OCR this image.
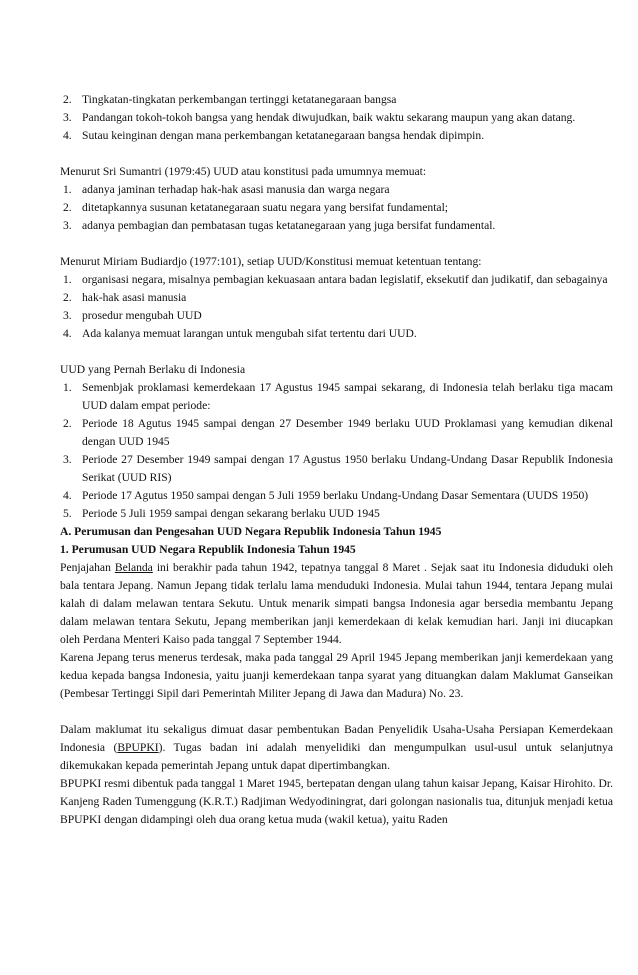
2. Tingkatan-tingkatan perkembangan tertinggi ketatanegaraan bangsa
3. Pandangan tokoh-tokoh bangsa yang hendak diwujudkan, baik waktu sekarang maupun yang akan datang.
4. Sutau keinginan dengan mana perkembangan ketatanegaraan bangsa hendak dipimpin.

Menurut Sri Sumantri (1979:45) UUD atau konstitusi pada umumnya memuat:

1. adanya jaminan terhadap hak-hak asasi manusia dan warga negara
2. ditetapkannya susunan ketatanegaraan suatu negara yang bersifat fundamental;
3. adanya pembagian dan pembatasan tugas ketatanegaraan yang juga bersifat fundamental.

Menurut Miriam Budiardjo (1977:101), setiap UUD/Konstitusi memuat ketentuan tentang:

1. organisasi negara, misalnya pembagian kekuasaan antara badan legislatif, eksekutif dan judikatif, dan sebagainya
2. hak-hak asasi manusia
3. prosedur mengubah UUD
4. Ada kalanya memuat larangan untuk mengubah sifat tertentu dari UUD.

UUD yang Pernah Berlaku di Indonesia

1. Semenbjak proklamasi kemerdekaan 17 Agustus 1945 sampai sekarang, di Indonesia telah berlaku tiga macam UUD dalam empat periode:
2. Periode 18 Agutus 1945 sampai dengan 27 Desember 1949 berlaku UUD Proklamasi yang kemudian dikenal dengan UUD 1945
3. Periode 27 Desember 1949 sampai dengan 17 Agustus 1950 berlaku Undang-Undang Dasar Republik Indonesia Serikat (UUD RIS)
4. Periode 17 Agutus 1950 sampai dengan 5 Juli 1959 berlaku Undang-Undang Dasar Sementara (UUDS 1950)
5. Periode 5 Juli 1959 sampai dengan sekarang berlaku UUD 1945

A. Perumusan dan Pengesahan UUD Negara Republik Indonesia Tahun 1945

1. Perumusan UUD Negara Republik Indonesia Tahun 1945

Penjajahan Belanda ini berakhir pada tahun 1942, tepatnya tanggal 8 Maret . Sejak saat itu Indonesia diduduki oleh bala tentara Jepang. Namun Jepang tidak terlalu lama menduduki Indonesia. Mulai tahun 1944, tentara Jepang mulai kalah di dalam melawan tentara Sekutu. Untuk menarik simpati bangsa Indonesia agar bersedia membantu Jepang dalam melawan tentara Sekutu, Jepang memberikan janji kemerdekaan di kelak kemudian hari. Janji ini diucapkan oleh Perdana Menteri Kaiso pada tanggal 7 September 1944.

Karena Jepang terus menerus terdesak, maka pada tanggal 29 April 1945 Jepang memberikan janji kemerdekaan yang kedua kepada bangsa Indonesia, yaitu juanji kemerdekaan tanpa syarat yang dituangkan dalam Maklumat Ganseikan (Pembesar Tertinggi Sipil dari Pemerintah Militer Jepang di Jawa dan Madura) No. 23.

Dalam maklumat itu sekaligus dimuat dasar pembentukan Badan Penyelidik Usaha-Usaha Persiapan Kemerdekaan Indonesia (BPUPKI). Tugas badan ini adalah menyelidiki dan mengumpulkan usul-usul untuk selanjutnya dikemukakan kepada pemerintah Jepang untuk dapat dipertimbangkan.

BPUPKI resmi dibentuk pada tanggal 1 Maret 1945, bertepatan dengan ulang tahun kaisar Jepang, Kaisar Hirohito. Dr. Kanjeng Raden Tumenggung (K.R.T.) Radjiman Wedyodiningrat, dari golongan nasionalis tua, ditunjuk menjadi ketua BPUPKI dengan didampingi oleh dua orang ketua muda (wakil ketua), yaitu Raden
